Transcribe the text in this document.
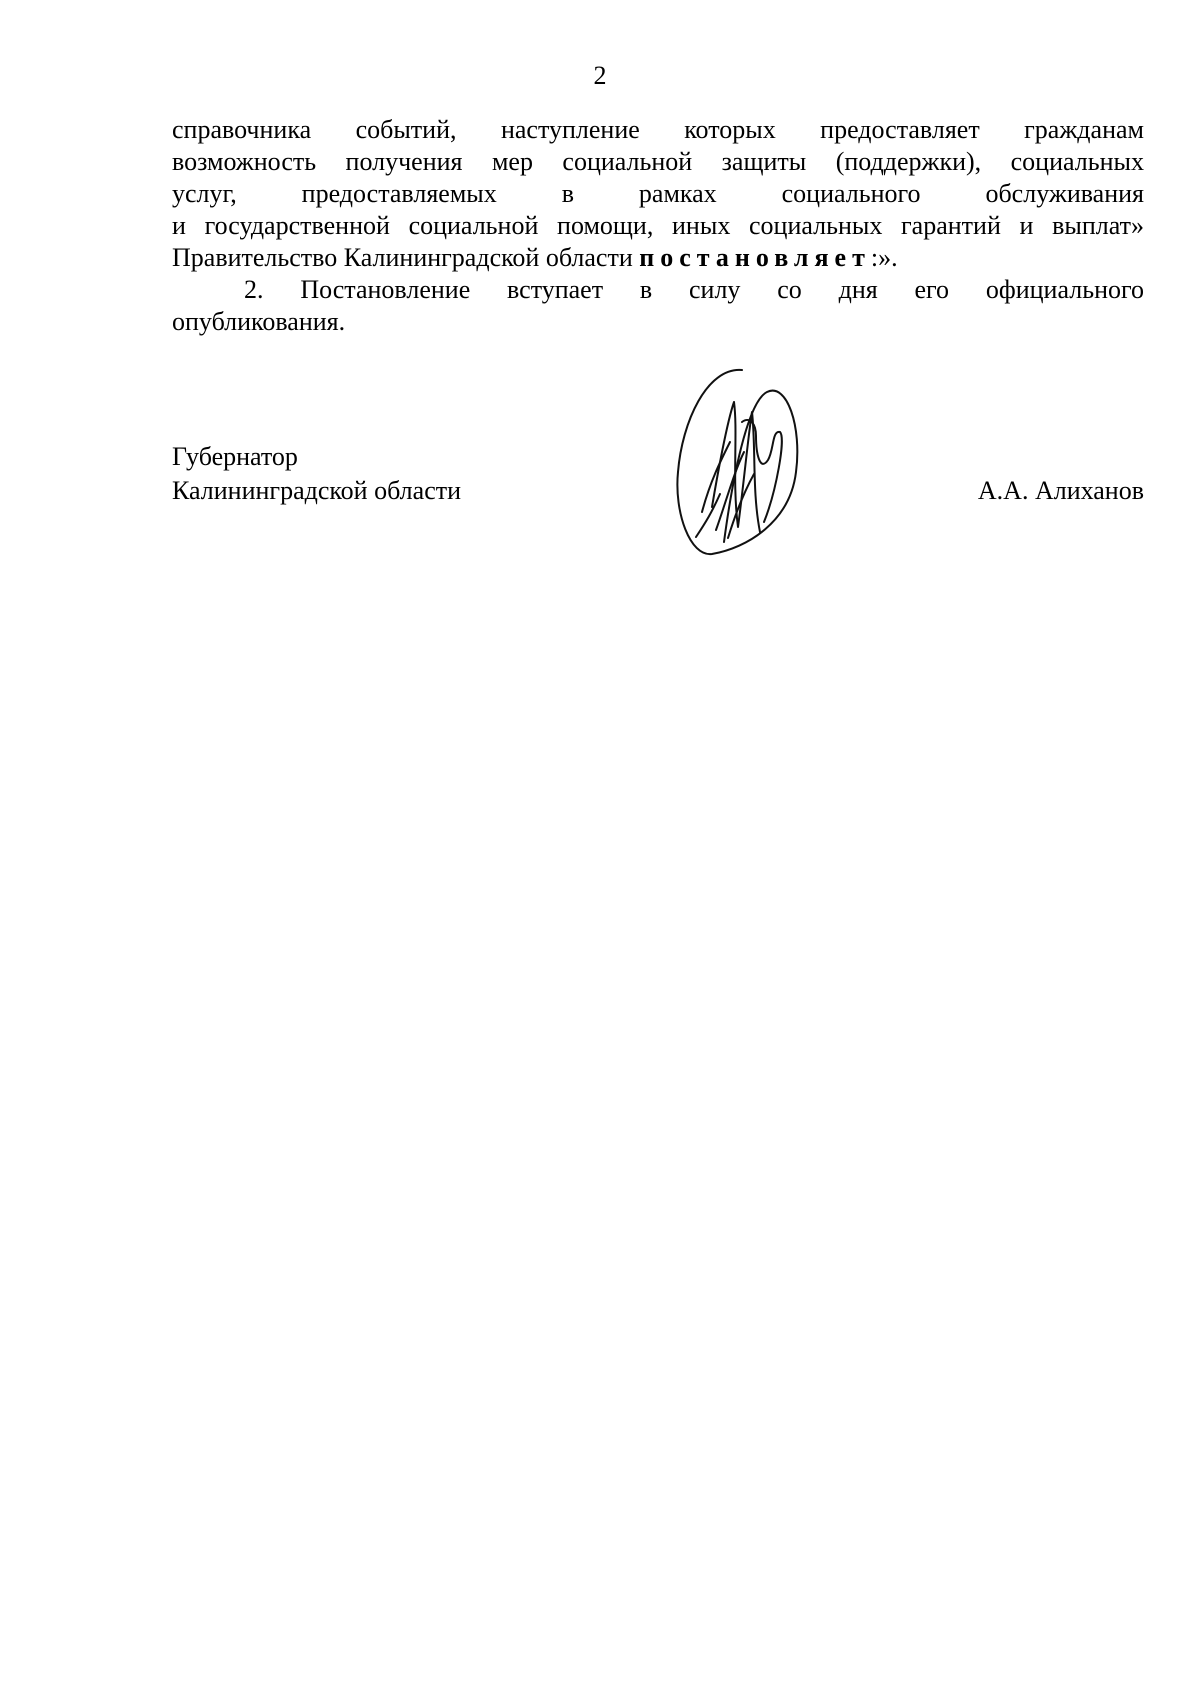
2
справочника событий, наступление которых предоставляет гражданам
возможность получения мер социальной защиты (поддержки), социальных
услуг, предоставляемых в рамках социального обслуживания
и государственной социальной помощи, иных социальных гарантий и выплат»
Правительство Калининградской области постановляет:».
2. Постановление вступает в силу со дня его официального
опубликования.
Губернатор
Калининградской области	А.А. Алиханов
